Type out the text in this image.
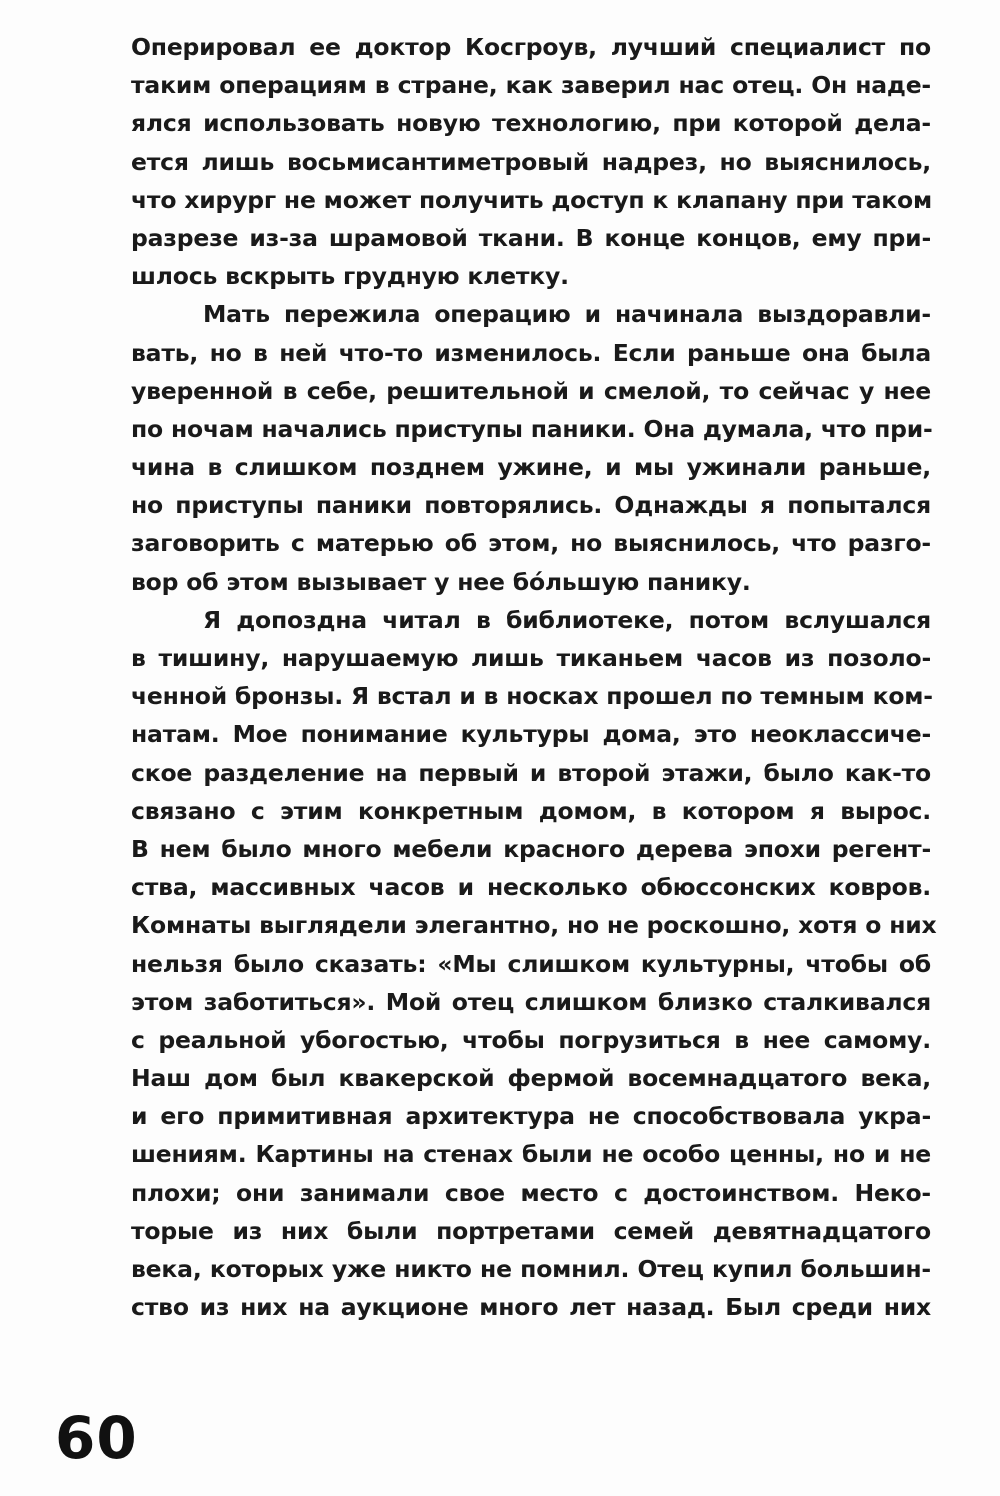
Оперировал ее доктор Косгроув, лучший специалист по
таким операциям в стране, как заверил нас отец. Он наде-
ялся использовать новую технологию, при которой дела-
ется лишь восьмисантиметровый надрез, но выяснилось,
что хирург не может получить доступ к клапану при таком
разрезе из-за шрамовой ткани. В конце концов, ему при-
шлось вскрыть грудную клетку.
Мать пережила операцию и начинала выздоравли-
вать, но в ней что-то изменилось. Если раньше она была
уверенной в себе, решительной и смелой, то сейчас у нее
по ночам начались приступы паники. Она думала, что при-
чина в слишком позднем ужине, и мы ужинали раньше,
но приступы паники повторялись. Однажды я попытался
заговорить с матерью об этом, но выяснилось, что разго-
вор об этом вызывает у нее бóльшую панику.
Я допоздна читал в библиотеке, потом вслушался
в тишину, нарушаемую лишь тиканьем часов из позоло-
ченной бронзы. Я встал и в носках прошел по темным ком-
натам. Мое понимание культуры дома, это неоклассиче-
ское разделение на первый и второй этажи, было как-то
связано с этим конкретным домом, в котором я вырос.
В нем было много мебели красного дерева эпохи регент-
ства, массивных часов и несколько обюссонских ковров.
Комнаты выглядели элегантно, но не роскошно, хотя о них
нельзя было сказать: «Мы слишком культурны, чтобы об
этом заботиться». Мой отец слишком близко сталкивался
с реальной убогостью, чтобы погрузиться в нее самому.
Наш дом был квакерской фермой восемнадцатого века,
и его примитивная архитектура не способствовала укра-
шениям. Картины на стенах были не особо ценны, но и не
плохи; они занимали свое место с достоинством. Неко-
торые из них были портретами семей девятнадцатого
века, которых уже никто не помнил. Отец купил большин-
ство из них на аукционе много лет назад. Был среди них
60
